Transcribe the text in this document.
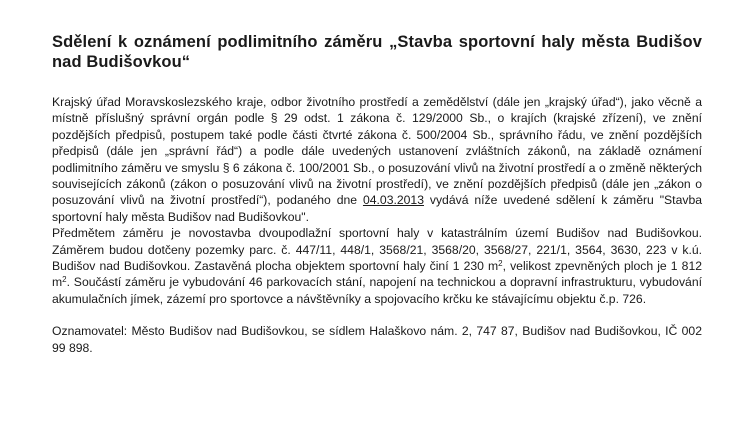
Sdělení k oznámení podlimitního záměru „Stavba sportovní haly města Budišov nad Budišovkou“

Krajský úřad Moravskoslezského kraje, odbor životního prostředí a zemědělství (dále jen „krajský úřad“), jako věcně a místně příslušný správní orgán podle § 29 odst. 1 zákona č. 129/2000 Sb., o krajích (krajské zřízení), ve znění pozdějších předpisů, postupem také podle části čtvrté zákona č. 500/2004 Sb., správního řádu, ve znění pozdějších předpisů (dále jen „správní řád“) a podle dále uvedených ustanovení zvláštních zákonů, na základě oznámení podlimitního záměru ve smyslu § 6 zákona č. 100/2001 Sb., o posuzování vlivů na životní prostředí a o změně některých souvisejících zákonů (zákon o posuzování vlivů na životní prostředí), ve znění pozdějších předpisů (dále jen „zákon o posuzování vlivů na životní prostředí“), podaného dne 04.03.2013 vydává níže uvedené sdělení k záměru "Stavba sportovní haly města Budišov nad Budišovkou".

Předmětem záměru je novostavba dvoupodlažní sportovní haly v katastrálním území Budišov nad Budišovkou. Záměrem budou dotčeny pozemky parc. č. 447/11, 448/1, 3568/21, 3568/20, 3568/27, 221/1, 3564, 3630, 223 v k.ú. Budišov nad Budišovkou. Zastavěná plocha objektem sportovní haly činí 1 230 $m^2$, velikost zpevněných ploch je 1 812 $m^2$. Součástí záměru je vybudování 46 parkovacích stání, napojení na technickou a dopravní infrastrukturu, vybudování akumulačních jímek, zázemí pro sportovce a návštěvníky a spojovacího krčku ke stávajícímu objektu č.p. 726.

Oznamovatel: Město Budišov nad Budišovkou, se sídlem Halaškovo nám. 2, 747 87, Budišov nad Budišovkou, IČ 002 99 898.
